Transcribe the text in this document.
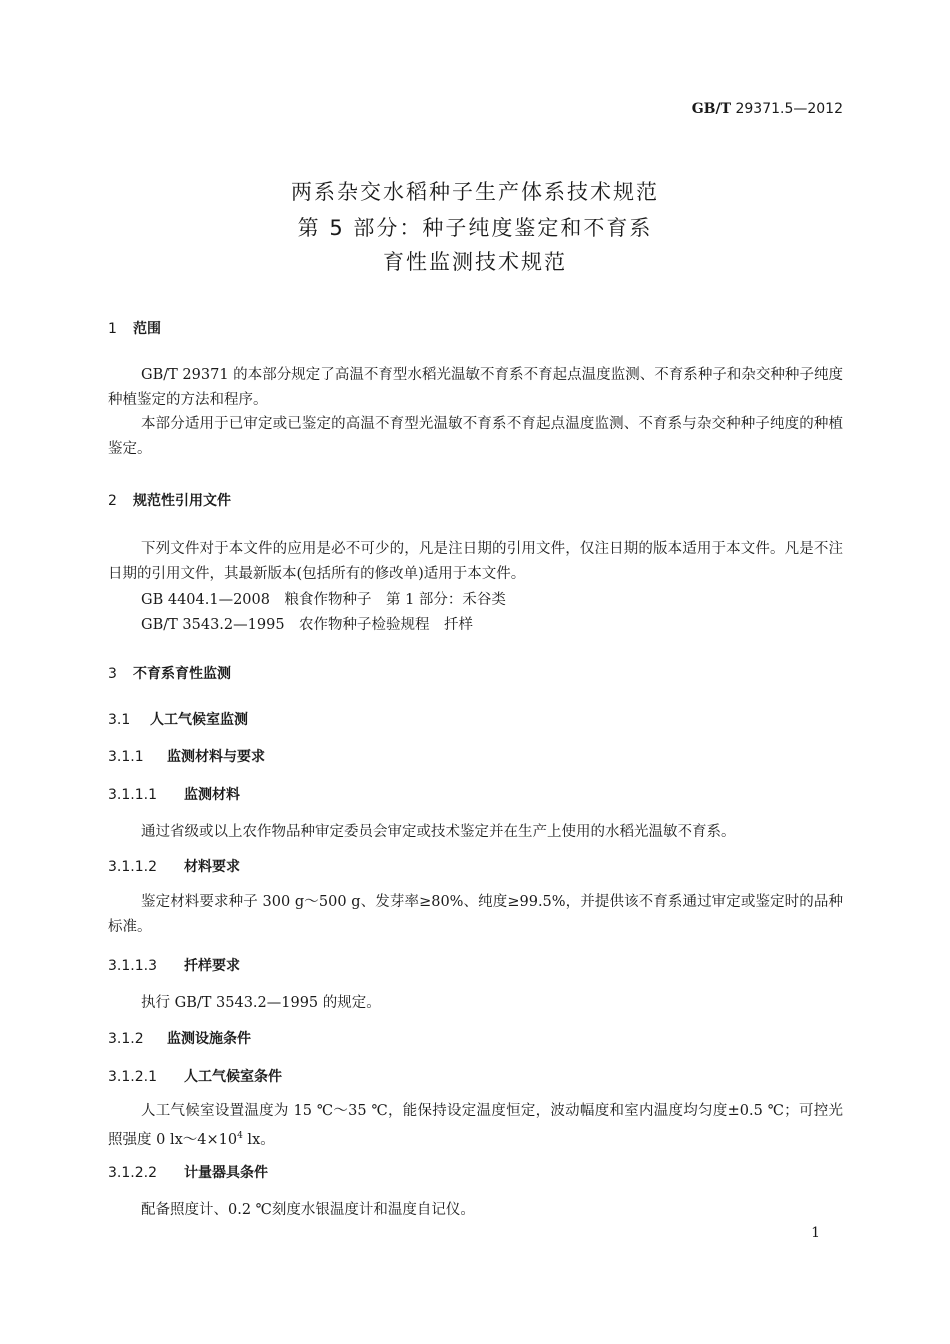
GB/T 29371.5—2012
两系杂交水稻种子生产体系技术规范
第 5 部分：种子纯度鉴定和不育系
育性监测技术规范
1 范围
GB/T 29371 的本部分规定了高温不育型水稻光温敏不育系不育起点温度监测、不育系种子和杂交种种子纯度种植鉴定的方法和程序。
本部分适用于已审定或已鉴定的高温不育型光温敏不育系不育起点温度监测、不育系与杂交种种子纯度的种植鉴定。
2 规范性引用文件
下列文件对于本文件的应用是必不可少的，凡是注日期的引用文件，仅注日期的版本适用于本文件。凡是不注日期的引用文件，其最新版本(包括所有的修改单)适用于本文件。
GB 4404.1—2008　粮食作物种子　第 1 部分：禾谷类
GB/T 3543.2—1995　农作物种子检验规程　扦样
3 不育系育性监测
3.1 人工气候室监测
3.1.1 监测材料与要求
3.1.1.1 监测材料
通过省级或以上农作物品种审定委员会审定或技术鉴定并在生产上使用的水稻光温敏不育系。
3.1.1.2 材料要求
鉴定材料要求种子 300 g～500 g、发芽率≥80%、纯度≥99.5%，并提供该不育系通过审定或鉴定时的品种标准。
3.1.1.3 扦样要求
执行 GB/T 3543.2—1995 的规定。
3.1.2 监测设施条件
3.1.2.1 人工气候室条件
人工气候室设置温度为 15 ℃～35 ℃，能保持设定温度恒定，波动幅度和室内温度均匀度±0.5 ℃；可控光照强度 0 $lx\sim 4\times 10^4$ lx。
3.1.2.2 计量器具条件
配备照度计、0.2 ℃刻度水银温度计和温度自记仪。
1
